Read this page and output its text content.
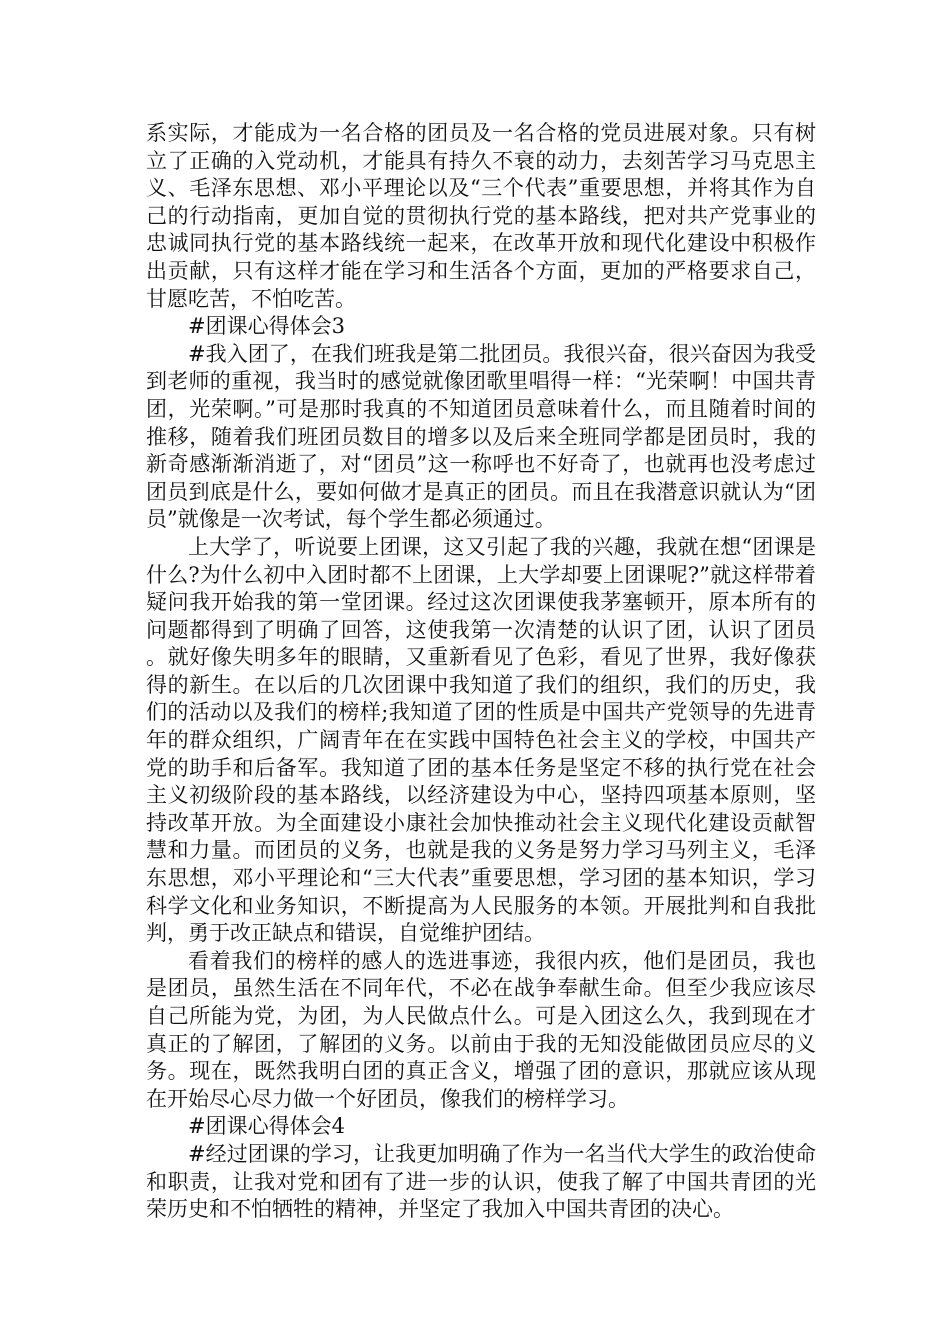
系实际，才能成为一名合格的团员及一名合格的党员进展对象。只有树立了正确的入党动机，才能具有持久不衰的动力，去刻苦学习马克思主义、毛泽东思想、邓小平理论以及“三个代表”重要思想，并将其作为自己的行动指南，更加自觉的贯彻执行党的基本路线，把对共产党事业的忠诚同执行党的基本路线统一起来，在改革开放和现代化建设中积极作出贡献，只有这样才能在学习和生活各个方面，更加的严格要求自己，甘愿吃苦，不怕吃苦。

#团课心得体会3

#我入团了，在我们班我是第二批团员。我很兴奋，很兴奋因为我受到老师的重视，我当时的感觉就像团歌里唱得一样：“光荣啊！中国共青团，光荣啊。”可是那时我真的不知道团员意味着什么，而且随着时间的推移，随着我们班团员数目的增多以及后来全班同学都是团员时，我的新奇感渐渐消逝了，对“团员”这一称呼也不好奇了，也就再也没考虑过团员到底是什么，要如何做才是真正的团员。而且在我潜意识就认为“团员”就像是一次考试，每个学生都必须通过。

上大学了，听说要上团课，这又引起了我的兴趣，我就在想“团课是什么?为什么初中入团时都不上团课，上大学却要上团课呢?”就这样带着疑问我开始我的第一堂团课。经过这次团课使我茅塞顿开，原本所有的问题都得到了明确了回答，这使我第一次清楚的认识了团，认识了团员。就好像失明多年的眼睛，又重新看见了色彩，看见了世界，我好像获得的新生。在以后的几次团课中我知道了我们的组织，我们的历史，我们的活动以及我们的榜样;我知道了团的性质是中国共产党领导的先进青年的群众组织，广阔青年在在实践中国特色社会主义的学校，中国共产党的助手和后备军。我知道了团的基本任务是坚定不移的执行党在社会主义初级阶段的基本路线，以经济建设为中心，坚持四项基本原则，坚持改革开放。为全面建设小康社会加快推动社会主义现代化建设贡献智慧和力量。而团员的义务，也就是我的义务是努力学习马列主义，毛泽东思想，邓小平理论和“三大代表”重要思想，学习团的基本知识，学习科学文化和业务知识，不断提高为人民服务的本领。开展批判和自我批判，勇于改正缺点和错误，自觉维护团结。

看着我们的榜样的感人的选进事迹，我很内疚，他们是团员，我也是团员，虽然生活在不同年代，不必在战争奉献生命。但至少我应该尽自己所能为党，为团，为人民做点什么。可是入团这么久，我到现在才真正的了解团，了解团的义务。以前由于我的无知没能做团员应尽的义务。现在，既然我明白团的真正含义，增强了团的意识，那就应该从现在开始尽心尽力做一个好团员，像我们的榜样学习。

#团课心得体会4

#经过团课的学习，让我更加明确了作为一名当代大学生的政治使命和职责，让我对党和团有了进一步的认识，使我了解了中国共青团的光荣历史和不怕牺牲的精神，并坚定了我加入中国共青团的决心。
